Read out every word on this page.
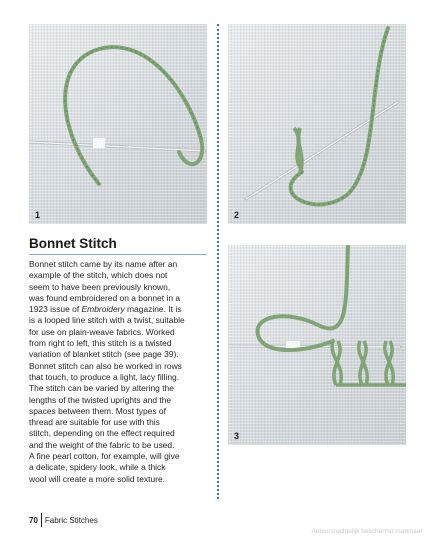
1	2
3
Bonnet Stitch

Bonnet stitch came by its name after an
example of the stitch, which does not
seem to have been previously known,
was found embroidered on a bonnet in a
1923 issue of Embroidery magazine. It is
is a looped line stitch with a twist, suitable
for use on plain-weave fabrics. Worked
from right to left, this stitch is a twisted
variation of blanket stitch (see page 39).
Bonnet stitch can also be worked in rows
that touch, to produce a light, lacy filling.
The stitch can be varied by altering the
lengths of the twisted uprights and the
spaces between them. Most types of
thread are suitable for use with this
stitch, depending on the effect required
and the weight of the fabric to be used.
A fine pearl cotton, for example, will give
a delicate, spidery look, while a thick
wool will create a more solid texture.

70 Fabric Stitches
Auteursrechtelijk beschermd materiaal
